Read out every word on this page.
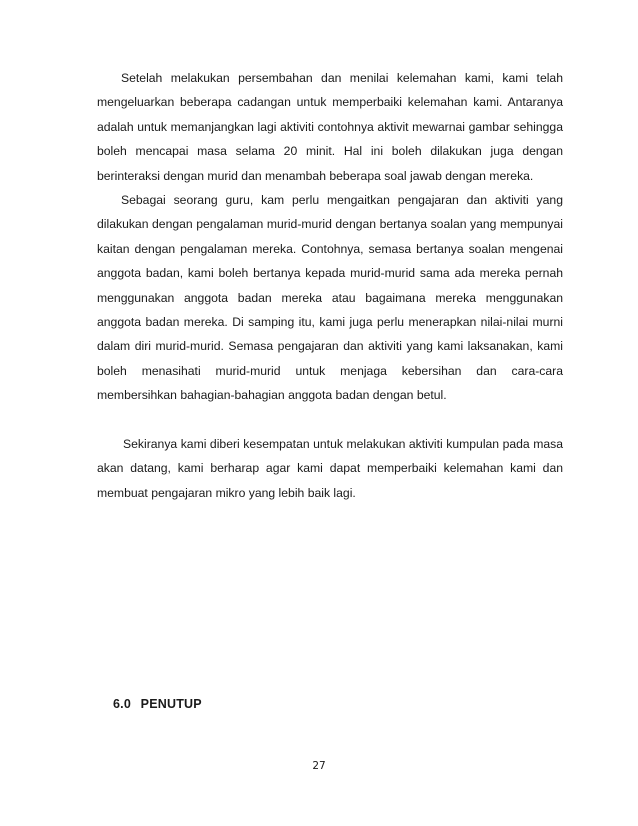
Setelah melakukan persembahan dan menilai kelemahan kami, kami telah mengeluarkan beberapa cadangan untuk memperbaiki kelemahan kami. Antaranya adalah untuk memanjangkan lagi aktiviti contohnya aktivit mewarnai gambar sehingga boleh mencapai masa selama 20 minit. Hal ini boleh dilakukan juga dengan berinteraksi dengan murid dan menambah beberapa soal jawab dengan mereka.

Sebagai seorang guru, kam perlu mengaitkan pengajaran dan aktiviti yang dilakukan dengan pengalaman murid-murid dengan bertanya soalan yang mempunyai kaitan dengan pengalaman mereka. Contohnya, semasa bertanya soalan mengenai anggota badan, kami boleh bertanya kepada murid-murid sama ada mereka pernah menggunakan anggota badan mereka atau bagaimana mereka menggunakan anggota badan mereka. Di samping itu, kami juga perlu menerapkan nilai-nilai murni dalam diri murid-murid. Semasa pengajaran dan aktiviti yang kami laksanakan, kami boleh menasihati murid-murid untuk menjaga kebersihan dan cara-cara membersihkan bahagian-bahagian anggota badan dengan betul.

Sekiranya kami diberi kesempatan untuk melakukan aktiviti kumpulan pada masa akan datang, kami berharap agar kami dapat memperbaiki kelemahan kami dan membuat pengajaran mikro yang lebih baik lagi.

6.0 PENUTUP
27
